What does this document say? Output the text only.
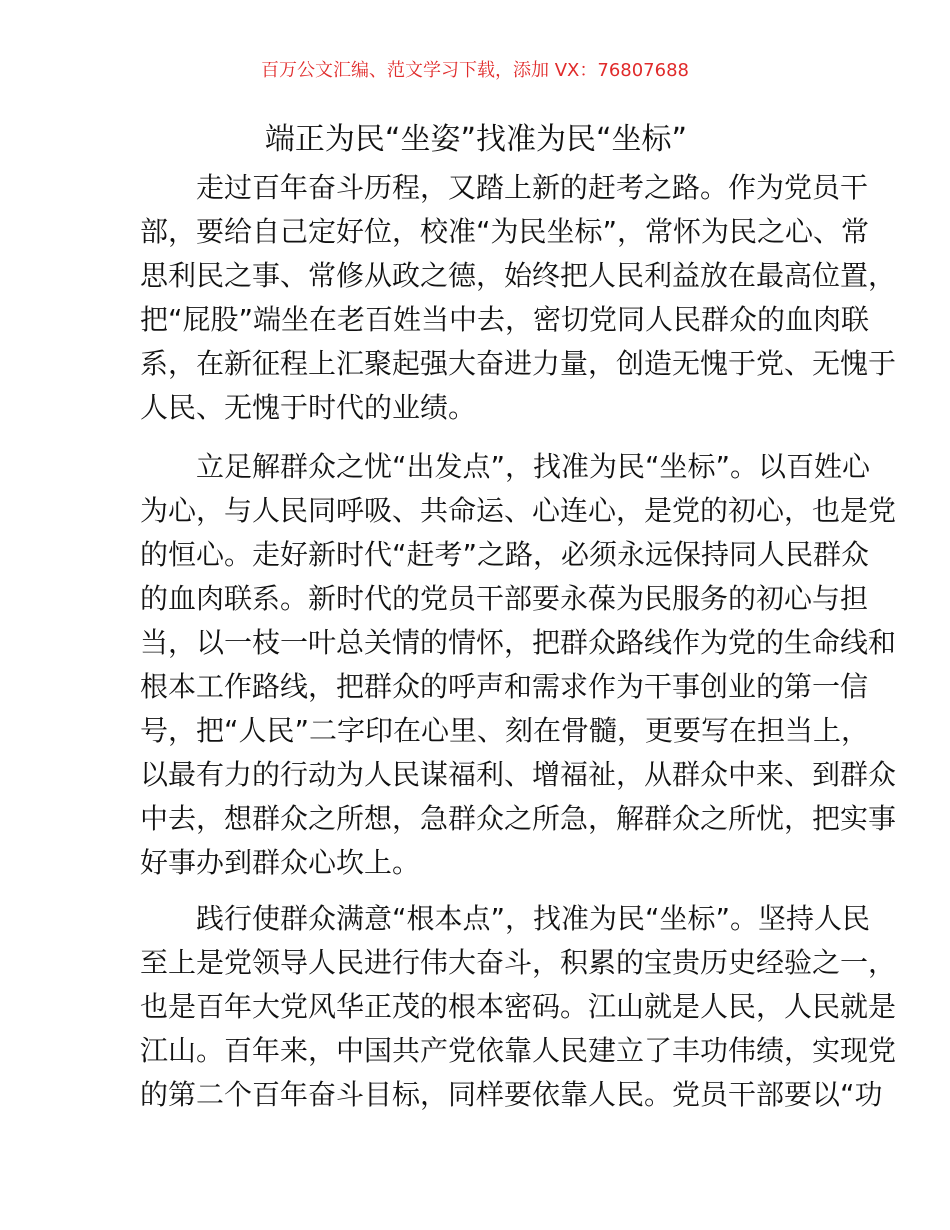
百万公文汇编、范文学习下载，添加 VX：76807688
端正为民“坐姿”找准为民“坐标”
走过百年奋斗历程，又踏上新的赶考之路。作为党员干
部，要给自己定好位，校准“为民坐标”，常怀为民之心、常
思利民之事、常修从政之德，始终把人民利益放在最高位置，
把“屁股”端坐在老百姓当中去，密切党同人民群众的血肉联
系，在新征程上汇聚起强大奋进力量，创造无愧于党、无愧于
人民、无愧于时代的业绩。
立足解群众之忧“出发点”，找准为民“坐标”。以百姓心
为心，与人民同呼吸、共命运、心连心，是党的初心，也是党
的恒心。走好新时代“赶考”之路，必须永远保持同人民群众
的血肉联系。新时代的党员干部要永葆为民服务的初心与担
当，以一枝一叶总关情的情怀，把群众路线作为党的生命线和
根本工作路线，把群众的呼声和需求作为干事创业的第一信
号，把“人民”二字印在心里、刻在骨髓，更要写在担当上，
以最有力的行动为人民谋福利、增福祉，从群众中来、到群众
中去，想群众之所想，急群众之所急，解群众之所忧，把实事
好事办到群众心坎上。
践行使群众满意“根本点”，找准为民“坐标”。坚持人民
至上是党领导人民进行伟大奋斗，积累的宝贵历史经验之一，
也是百年大党风华正茂的根本密码。江山就是人民，人民就是
江山。百年来，中国共产党依靠人民建立了丰功伟绩，实现党
的第二个百年奋斗目标，同样要依靠人民。党员干部要以“功
